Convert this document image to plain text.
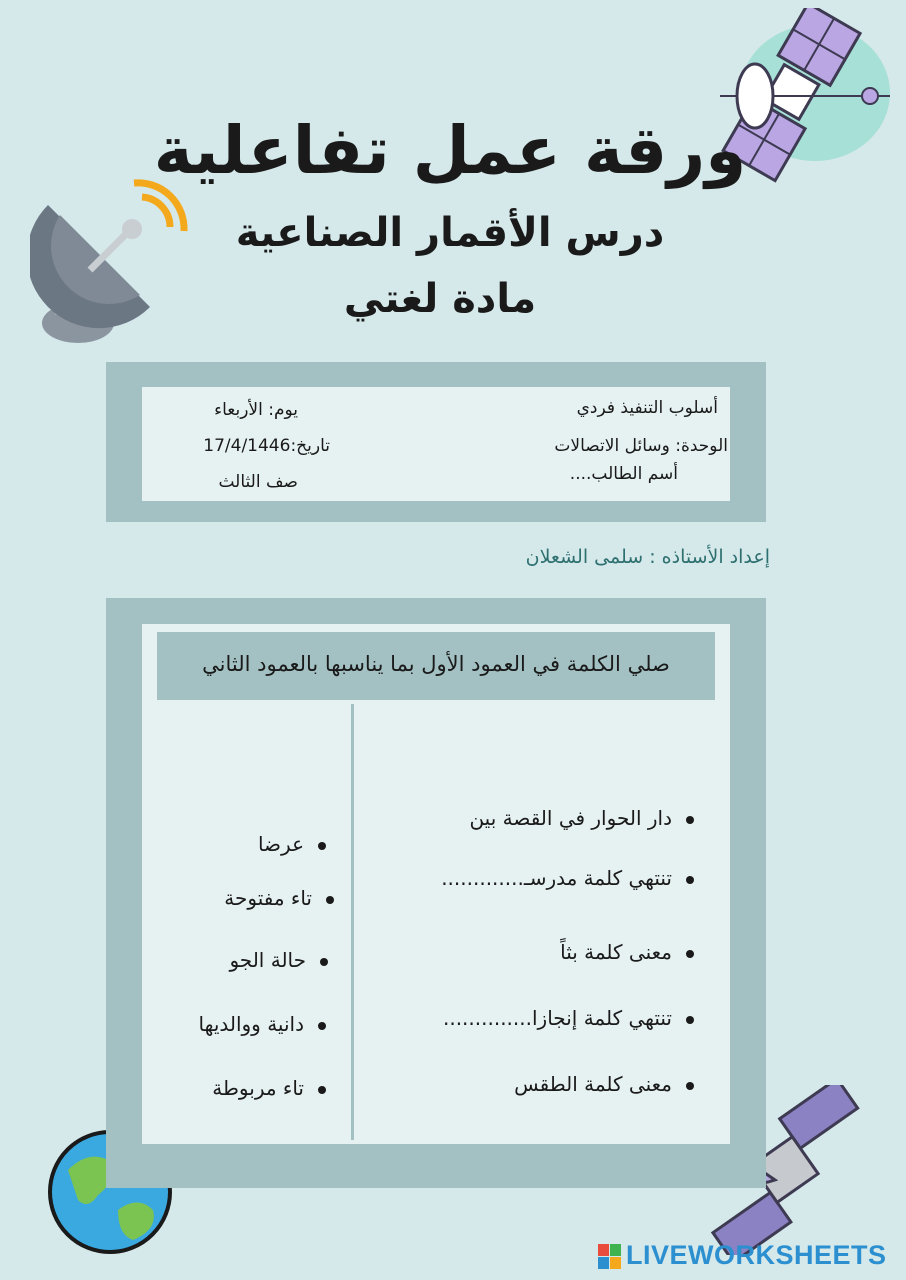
ورقة عمل تفاعلية
درس الأقمار الصناعية
مادة لغتي
أسلوب التنفيذ فردي
الوحدة: وسائل الاتصالات
أسم الطالب....
يوم: الأربعاء
تاريخ:17/4/1446
صف الثالث
إعداد الأستاذه : سلمى الشعلان
صلي الكلمة في العمود الأول بما يناسبها بالعمود الثاني
دار الحوار في القصة بين
تنتهي كلمة مدرسـ.............
معنى كلمة بثاً
تنتهي كلمة إنجازا..............
معنى كلمة الطقس
عرضا
تاء مفتوحة
حالة الجو
دانية ووالديها
تاء مربوطة
LIVEWORKSHEETS
